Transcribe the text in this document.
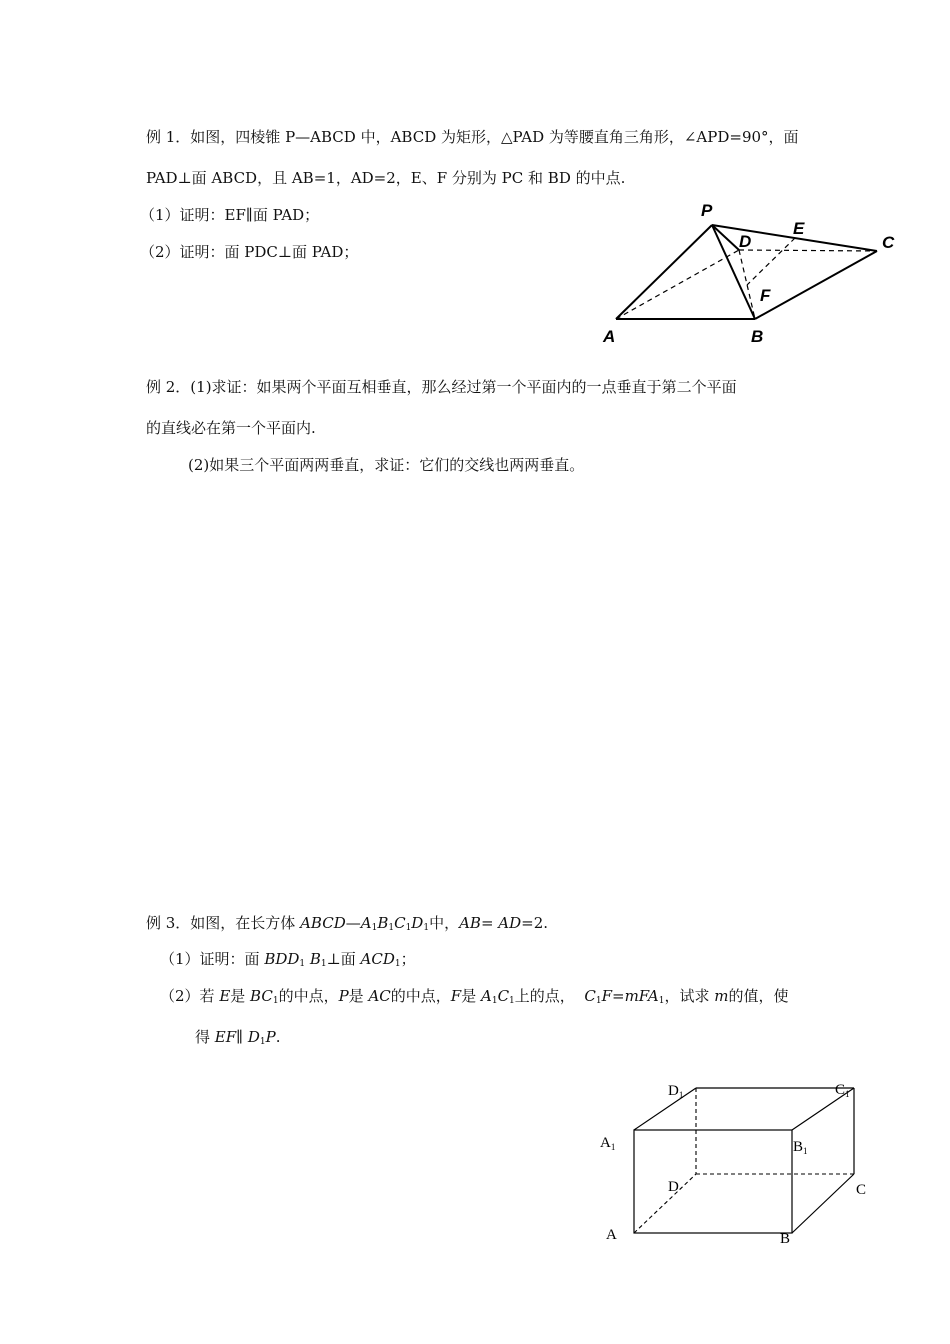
例 1．如图，四棱锥 P—ABCD 中，ABCD 为矩形，△PAD 为等腰直角三角形，∠APD=90°，面
PAD⊥面 ABCD，且 AB=1，AD=2，E、F 分别为 PC 和 BD 的中点.
（1）证明：EF∥面 PAD；
（2）证明：面 PDC⊥面 PAD；
P
D
E
C
F
A	B
例 2．(1)求证：如果两个平面互相垂直，那么经过第一个平面内的一点垂直于第二个平面
的直线必在第一个平面内.
(2)如果三个平面两两垂直，求证：它们的交线也两两垂直。
例 3．如图，在长方体 $ABCD—A_1B_1C_1D_1$中，AB= AD=2.
（1）证明：面 $BDD_1$ $B_1\perp$面 $ACD_1$；
（2）若 E是 $BC_1$的中点，P是 AC的中点，F是 $A_1C_1$上的点， $C_1F=mFA_1$，试求 m的值，使
得 EF∥ $D_1P$.
$D_1$	$C_1$
$A_1$	$B_1$
D	C
A	B
